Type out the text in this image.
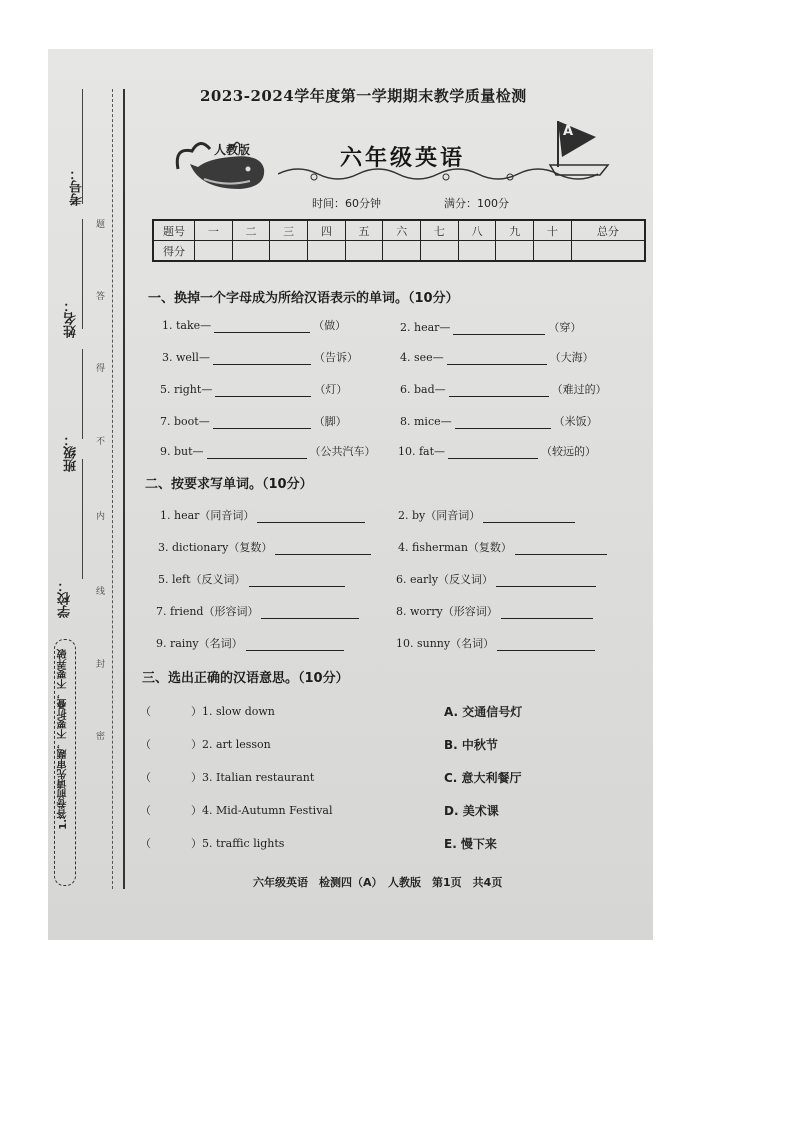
考号：
姓名：
班级：
学校：
题
答
得
不
内
线
封
密
1.答卷前请先审题，不要折叠，不要弄破
2023-2024学年度第一学期期末教学质量检测
人教版	六年级英语
A
时间：60分钟	满分：100分
题号	一	二	三	四	五	六	七	八	九	十	总分
得分											
一、换掉一个字母成为所给汉语表示的单词。（10分）
1. take—	（做）	2. hear—	（穿）
3. well—	（告诉）	4. see—	（大海）
5. right—	（灯）	6. bad—	（难过的）
7. boot—	（脚）	8. mice—	（米饭）
9. but—	（公共汽车） 10. fat—	（较远的）
二、按要求写单词。（10分）
1. hear（同音词）	2. by（同音词）
3. dictionary（复数）	4. fisherman（复数）
5. left（反义词）	6. early（反义词）
7. friend（形容词）	8. worry（形容词）
9. rainy（名词）	10. sunny（名词）
三、选出正确的汉语意思。（10分）
（	）1. slow down	A. 交通信号灯
（	）2. art lesson	B. 中秋节
（	）3. Italian restaurant	C. 意大利餐厅
（	）4. Mid-Autumn Festival	D. 美术课
（	）5. traffic lights	E. 慢下来
六年级英语　检测四（A）　人教版　第1页　共4页
